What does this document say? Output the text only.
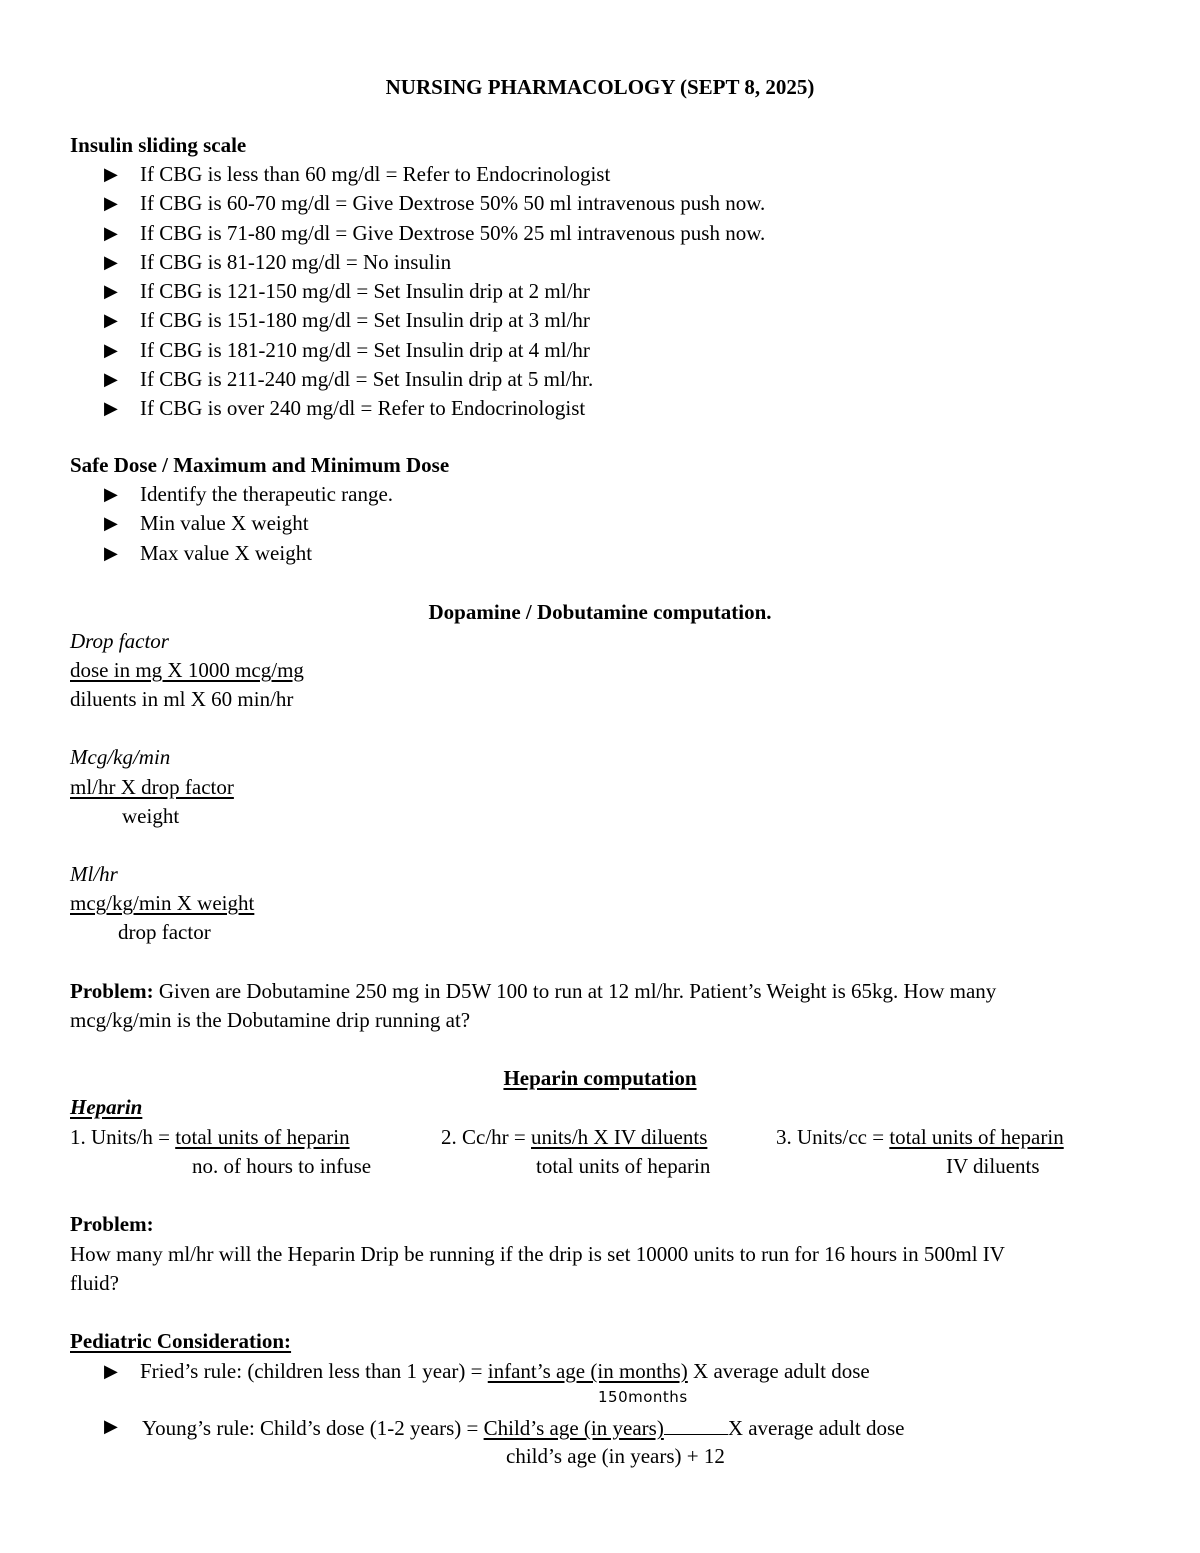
NURSING PHARMACOLOGY (SEPT 8, 2025)
Insulin sliding scale
▶ If CBG is less than 60 mg/dl = Refer to Endocrinologist
▶ If CBG is 60-70 mg/dl = Give Dextrose 50% 50 ml intravenous push now.
▶ If CBG is 71-80 mg/dl = Give Dextrose 50% 25 ml intravenous push now.
▶ If CBG is 81-120 mg/dl = No insulin
▶ If CBG is 121-150 mg/dl = Set Insulin drip at 2 ml/hr
▶ If CBG is 151-180 mg/dl = Set Insulin drip at 3 ml/hr
▶ If CBG is 181-210 mg/dl = Set Insulin drip at 4 ml/hr
▶ If CBG is 211-240 mg/dl = Set Insulin drip at 5 ml/hr.
▶ If CBG is over 240 mg/dl = Refer to Endocrinologist
Safe Dose / Maximum and Minimum Dose
▶ Identify the therapeutic range.
▶ Min value X weight
▶ Max value X weight
Dopamine / Dobutamine computation.
Drop factor
dose in mg X 1000 mcg/mg
diluents in ml X 60 min/hr
Mcg/kg/min
ml/hr X drop factor
weight
Ml/hr
mcg/kg/min X weight
drop factor
Problem: Given are Dobutamine 250 mg in D5W 100 to run at 12 ml/hr. Patient’s Weight is 65kg. How many
mcg/kg/min is the Dobutamine drip running at?
Heparin computation
Heparin
1. Units/h = total units of heparin
no. of hours to infuse
2. Cc/hr = units/h X IV diluents
total units of heparin
3. Units/cc = total units of heparin
IV diluents
Problem:
How many ml/hr will the Heparin Drip be running if the drip is set 10000 units to run for 16 hours in 500ml IV
fluid?
Pediatric Consideration:
▶ Fried’s rule: (children less than 1 year) = infant’s age (in months) X average adult dose
150months
▶ Young’s rule: Child’s dose (1-2 years) = Child’s age (in years)	X average adult dose
child’s age (in years) + 12
